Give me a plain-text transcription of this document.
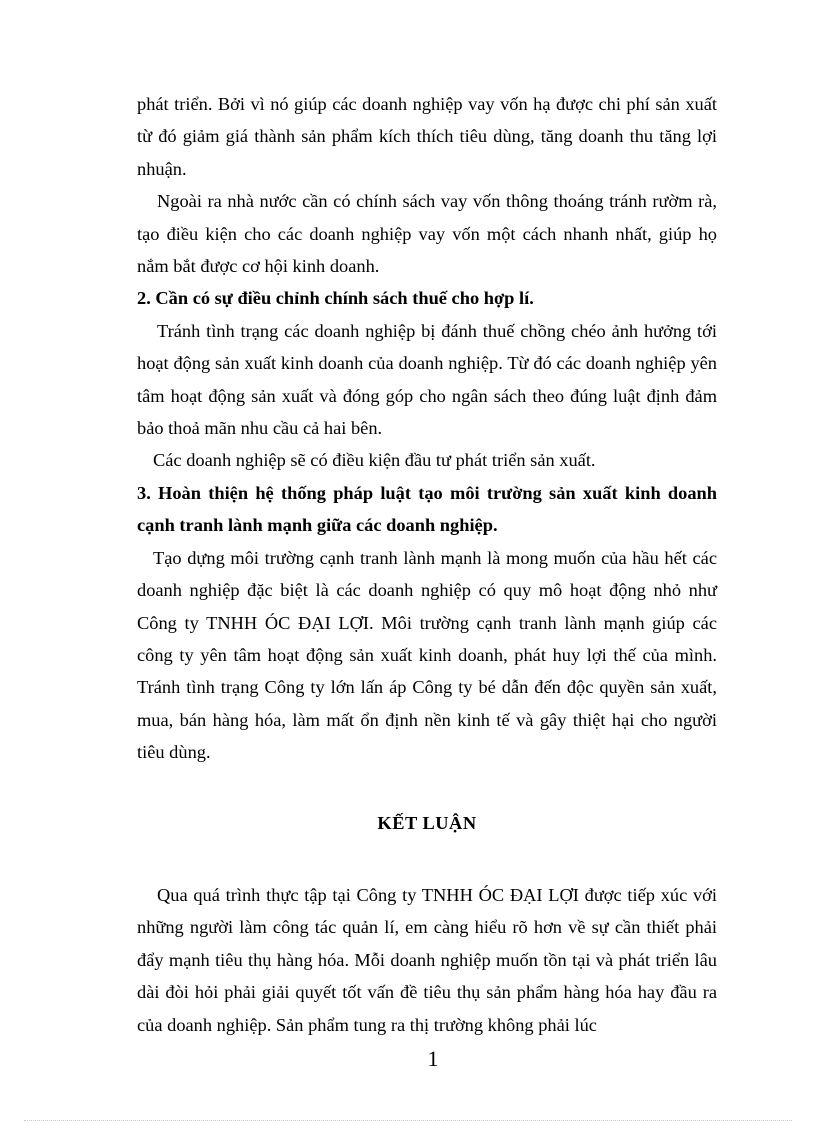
phát triển. Bởi vì nó giúp các doanh nghiệp vay vốn hạ được chi phí sản xuất từ đó giảm giá thành sản phẩm kích thích tiêu dùng, tăng doanh thu tăng lợi nhuận.

Ngoài ra nhà nước cần có chính sách vay vốn thông thoáng tránh rườm rà, tạo điều kiện cho các doanh nghiệp vay vốn một cách nhanh nhất, giúp họ nắm bắt được cơ hội kinh doanh.

2. Cần có sự điều chỉnh chính sách thuế cho hợp lí.

Tránh tình trạng các doanh nghiệp bị đánh thuế chồng chéo ảnh hưởng tới hoạt động sản xuất kinh doanh của doanh nghiệp. Từ đó các doanh nghiệp yên tâm hoạt động sản xuất và đóng góp cho ngân sách theo đúng luật định đảm bảo thoả mãn nhu cầu cả hai bên.

Các doanh nghiệp sẽ có điều kiện đầu tư phát triển sản xuất.

3. Hoàn thiện hệ thống pháp luật tạo môi trường sản xuất kinh doanh cạnh tranh lành mạnh giữa các doanh nghiệp.

Tạo dựng môi trường cạnh tranh lành mạnh là mong muốn của hầu hết các doanh nghiệp đặc biệt là các doanh nghiệp có quy mô hoạt động nhỏ như Công ty TNHH ÓC ĐẠI LỢI. Môi trường cạnh tranh lành mạnh giúp các công ty yên tâm hoạt động sản xuất kinh doanh, phát huy lợi thế của mình. Tránh tình trạng Công ty lớn lấn áp Công ty bé dẫn đến độc quyền sản xuất, mua, bán hàng hóa, làm mất ổn định nền kinh tế và gây thiệt hại cho người tiêu dùng.

KẾT LUẬN

Qua quá trình thực tập tại Công ty TNHH ÓC ĐẠI LỢI được tiếp xúc với những người làm công tác quản lí, em càng hiểu rõ hơn về sự cần thiết phải đẩy mạnh tiêu thụ hàng hóa. Mỗi doanh nghiệp muốn tồn tại và phát triển lâu dài đòi hỏi phải giải quyết tốt vấn đề tiêu thụ sản phẩm hàng hóa hay đầu ra của doanh nghiệp. Sản phẩm tung ra thị trường không phải lúc

1
